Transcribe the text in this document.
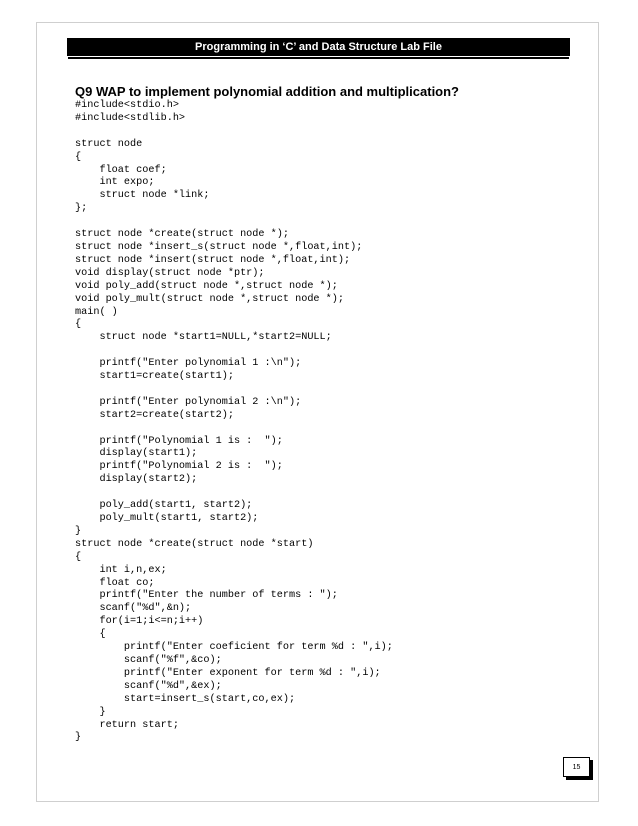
Programming in ‘C’ and Data Structure Lab File
Q9 WAP to implement polynomial addition and multiplication?
#include<stdio.h>
#include<stdlib.h>

struct node
{
float coef;
int expo;
struct node *link;
};

struct node *create(struct node *);
struct node *insert_s(struct node *,float,int);
struct node *insert(struct node *,float,int);
void display(struct node *ptr);
void poly_add(struct node *,struct node *);
void poly_mult(struct node *,struct node *);
main( )
{
struct node *start1=NULL,*start2=NULL;

printf("Enter polynomial 1 :\n");
start1=create(start1);

printf("Enter polynomial 2 :\n");
start2=create(start2);

printf("Polynomial 1 is :  ");
display(start1);
printf("Polynomial 2 is :  ");
display(start2);

poly_add(start1, start2);
poly_mult(start1, start2);
}
struct node *create(struct node *start)
{
int i,n,ex;
float co;
printf("Enter the number of terms : ");
scanf("%d",&n);
for(i=1;i<=n;i++)
{
printf("Enter coeficient for term %d : ",i);
scanf("%f",&co);
printf("Enter exponent for term %d : ",i);
scanf("%d",&ex);
start=insert_s(start,co,ex);
}
return start;
}
15
